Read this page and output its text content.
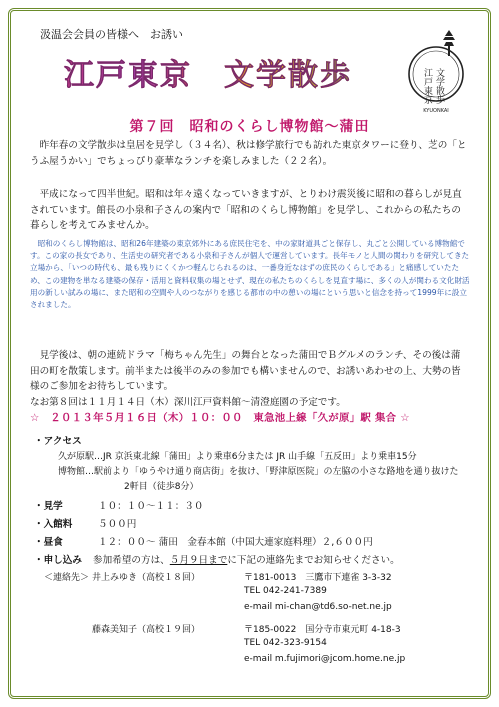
汲温会会員の皆様へ　お誘い
江戸東京　文学散歩	江戸東京 文学散歩
KYUONKAI
第７回　昭和のくらし博物館〜蒲田
昨年春の文学散歩は皇居を見学し（３４名）、秋は修学旅行でも訪れた東京タワーに登り、芝の「とうふ屋うかい」でちょっぴり豪華なランチを楽しみました（２２名）。
平成になって四半世紀。昭和は年々遠くなっていきますが、とりわけ震災後に昭和の暮らしが見直されています。館長の小泉和子さんの案内で「昭和のくらし博物館」を見学し、これからの私たちの暮らしを考えてみませんか。
昭和のくらし博物館は、昭和26年建築の東京郊外にある庶民住宅を、中の家財道具ごと保存し、丸ごと公開している博物館です。この家の長女であり、生活史の研究者である小泉和子さんが個人で運営しています。長年モノと人間の関わりを研究してきた立場から、「いつの時代も、最も残りにくくかつ軽んじられるのは、一番身近なはずの庶民のくらしである」と痛感していたため、この建物を単なる建築の保存・活用と資料収集の場とせず、現在の私たちのくらしを見直す場に、多くの人が関わる文化財活用の新しい試みの場に、また昭和の空間や人のつながりを感じる都市の中の憩いの場にという思いと信念を持って1999年に設立されました。
見学後は、朝の連続ドラマ「梅ちゃん先生」の舞台となった蒲田でＢグルメのランチ、その後は蒲田の町を散策します。前半または後半のみの参加でも構いませんので、お誘いあわせの上、大勢の皆様のご参加をお待ちしています。
なお第８回は１１月１４日（木）深川江戸資料館〜清澄庭園の予定です。
☆　２０１３年５月１６日（木）１０：００　東急池上線「久が原」駅 集合 ☆
・アクセス
久が原駅…JR 京浜東北線「蒲田」より乗車6分または JR 山手線「五反田」より乗車15分
博物館…駅前より「ゆうやけ通り商店街」を抜け、「野津原医院」の左脇の小さな路地を通り抜けた
2軒目（徒歩8分）
・見学	１０：１０〜１１：３０
・入館料	５００円
・昼食	１２：００〜 蒲田　金春本館（中国大連家庭料理）２,６００円
・申し込み 参加希望の方は、５月９日までに下記の連絡先までお知らせください。
＜連絡先＞ 井上みゆき（高校１８回）	〒181-0013　三鷹市下連雀 3-3-32
TEL 042-241-7389
e-mail mi-chan@td6.so-net.ne.jp
藤森美知子（高校１９回）	〒185-0022　国分寺市東元町 4-18-3
TEL 042-323-9154
e-mail m.fujimori@jcom.home.ne.jp
